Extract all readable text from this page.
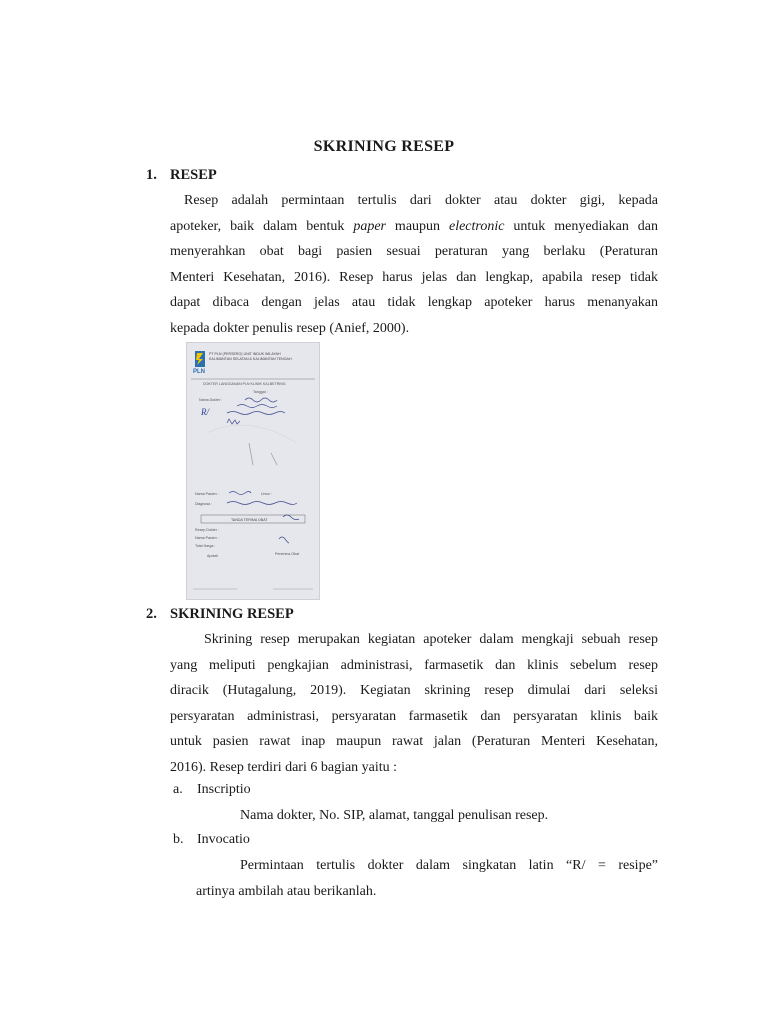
SKRINING RESEP
1. RESEP
Resep adalah permintaan tertulis dari dokter atau dokter gigi, kepada
apoteker, baik dalam bentuk paper maupun electronic untuk menyediakan dan
menyerahkan obat bagi pasien sesuai peraturan yang berlaku (Peraturan
Menteri Kesehatan, 2016). Resep harus jelas dan lengkap, apabila resep tidak
dapat dibaca dengan jelas atau tidak lengkap apoteker harus menanyakan
kepada dokter penulis resep (Anief, 2000).
PT PLN (PERSERO) UNIT INDUK WILAYAH
KALIMANTAN SELATAN & KALIMANTAN TENGAH
PLN
DOKTER LANGGANAN PLN KLINIK KALBETRING
Tanggal :
Nama Dokter :
R/
Nama Pasien :	Umur :
Diagnosa :
TANDA TERIMA OBAT
Resep Dokter :
Nama Pasien :
Total Harga :
Apotek	Penerima Obat
2. SKRINING RESEP
Skrining resep merupakan kegiatan apoteker dalam mengkaji sebuah resep
yang meliputi pengkajian administrasi, farmasetik dan klinis sebelum resep
diracik (Hutagalung, 2019). Kegiatan skrining resep dimulai dari seleksi
persyaratan administrasi, persyaratan farmasetik dan persyaratan klinis baik
untuk pasien rawat inap maupun rawat jalan (Peraturan Menteri Kesehatan,
2016). Resep terdiri dari 6 bagian yaitu :
a. Inscriptio
Nama dokter, No. SIP, alamat, tanggal penulisan resep.
b. Invocatio
Permintaan tertulis dokter dalam singkatan latin “R/ = resipe”
artinya ambilah atau berikanlah.
